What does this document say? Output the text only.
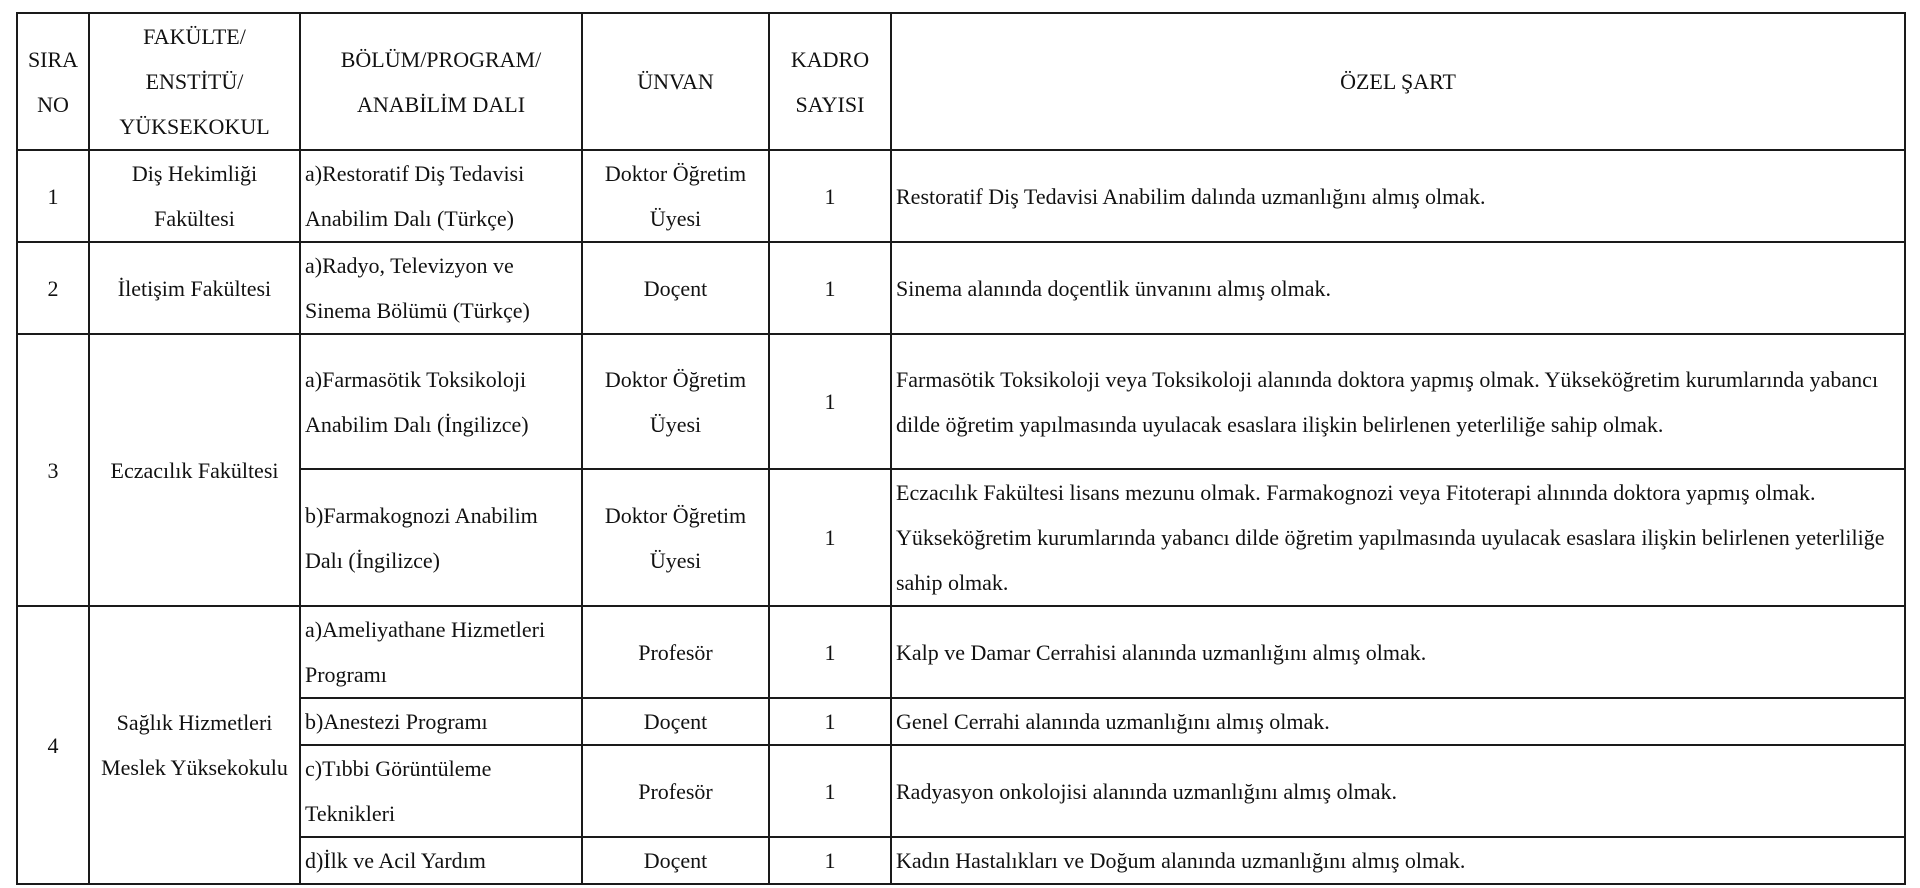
SIRA NO	FAKÜLTE/ ENSTİTÜ/ YÜKSEKOKUL	BÖLÜM/PROGRAM/ ANABİLİM DALI	ÜNVAN	KADRO SAYISI	ÖZEL ŞART
1	Diş Hekimliği Fakültesi	a)Restoratif Diş Tedavisi Anabilim Dalı (Türkçe)	Doktor Öğretim Üyesi	1	Restoratif Diş Tedavisi Anabilim dalında uzmanlığını almış olmak.
2	İletişim Fakültesi	a)Radyo, Televizyon ve Sinema Bölümü (Türkçe)	Doçent	1	Sinema alanında doçentlik ünvanını almış olmak.
3	Eczacılık Fakültesi	a)Farmasötik Toksikoloji Anabilim Dalı (İngilizce)	Doktor Öğretim Üyesi	1	Farmasötik Toksikoloji veya Toksikoloji alanında doktora yapmış olmak. Yükseköğretim kurumlarında yabancı dilde öğretim yapılmasında uyulacak esaslara ilişkin belirlenen yeterliliğe sahip olmak.
		b)Farmakognozi Anabilim Dalı (İngilizce)	Doktor Öğretim Üyesi	1	Eczacılık Fakültesi lisans mezunu olmak. Farmakognozi veya Fitoterapi alınında doktora yapmış olmak. Yükseköğretim kurumlarında yabancı dilde öğretim yapılmasında uyulacak esaslara ilişkin belirlenen yeterliliğe sahip olmak.
4	Sağlık Hizmetleri Meslek Yüksekokulu	a)Ameliyathane Hizmetleri Programı	Profesör	1	Kalp ve Damar Cerrahisi alanında uzmanlığını almış olmak.
		b)Anestezi Programı	Doçent	1	Genel Cerrahi alanında uzmanlığını almış olmak.
		c)Tıbbi Görüntüleme Teknikleri	Profesör	1	Radyasyon onkolojisi alanında uzmanlığını almış olmak.
		d)İlk ve Acil Yardım	Doçent	1	Kadın Hastalıkları ve Doğum alanında uzmanlığını almış olmak.
